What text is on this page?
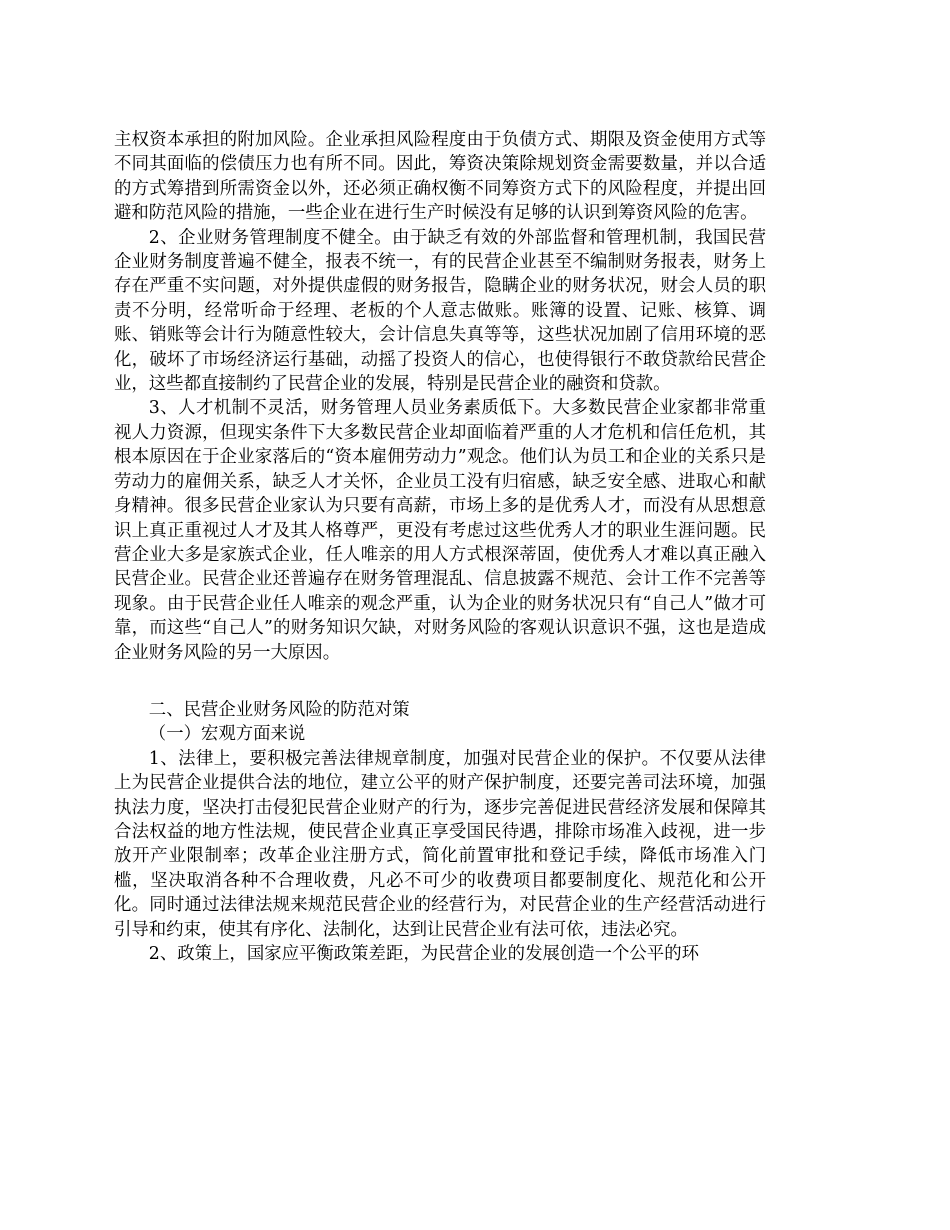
主权资本承担的附加风险。企业承担风险程度由于负债方式、期限及资金使用方式等不同其面临的偿债压力也有所不同。因此，筹资决策除规划资金需要数量，并以合适的方式筹措到所需资金以外，还必须正确权衡不同筹资方式下的风险程度，并提出回避和防范风险的措施，一些企业在进行生产时候没有足够的认识到筹资风险的危害。

2、企业财务管理制度不健全。由于缺乏有效的外部监督和管理机制，我国民营企业财务制度普遍不健全，报表不统一，有的民营企业甚至不编制财务报表，财务上存在严重不实问题，对外提供虚假的财务报告，隐瞒企业的财务状况，财会人员的职责不分明，经常听命于经理、老板的个人意志做账。账簿的设置、记账、核算、调账、销账等会计行为随意性较大，会计信息失真等等，这些状况加剧了信用环境的恶化，破坏了市场经济运行基础，动摇了投资人的信心，也使得银行不敢贷款给民营企业，这些都直接制约了民营企业的发展，特别是民营企业的融资和贷款。

3、人才机制不灵活，财务管理人员业务素质低下。大多数民营企业家都非常重视人力资源，但现实条件下大多数民营企业却面临着严重的人才危机和信任危机，其根本原因在于企业家落后的“资本雇佣劳动力”观念。他们认为员工和企业的关系只是劳动力的雇佣关系，缺乏人才关怀，企业员工没有归宿感，缺乏安全感、进取心和献身精神。很多民营企业家认为只要有高薪，市场上多的是优秀人才，而没有从思想意识上真正重视过人才及其人格尊严，更没有考虑过这些优秀人才的职业生涯问题。民营企业大多是家族式企业，任人唯亲的用人方式根深蒂固，使优秀人才难以真正融入民营企业。民营企业还普遍存在财务管理混乱、信息披露不规范、会计工作不完善等现象。由于民营企业任人唯亲的观念严重，认为企业的财务状况只有“自己人”做才可靠，而这些“自己人”的财务知识欠缺，对财务风险的客观认识意识不强，这也是造成企业财务风险的另一大原因。

二、民营企业财务风险的防范对策

（一）宏观方面来说

1、法律上，要积极完善法律规章制度，加强对民营企业的保护。不仅要从法律上为民营企业提供合法的地位，建立公平的财产保护制度，还要完善司法环境，加强执法力度，坚决打击侵犯民营企业财产的行为，逐步完善促进民营经济发展和保障其合法权益的地方性法规，使民营企业真正享受国民待遇，排除市场准入歧视，进一步放开产业限制率；改革企业注册方式，简化前置审批和登记手续，降低市场准入门槛，坚决取消各种不合理收费，凡必不可少的收费项目都要制度化、规范化和公开化。同时通过法律法规来规范民营企业的经营行为，对民营企业的生产经营活动进行引导和约束，使其有序化、法制化，达到让民营企业有法可依，违法必究。

2、政策上，国家应平衡政策差距，为民营企业的发展创造一个公平的环
